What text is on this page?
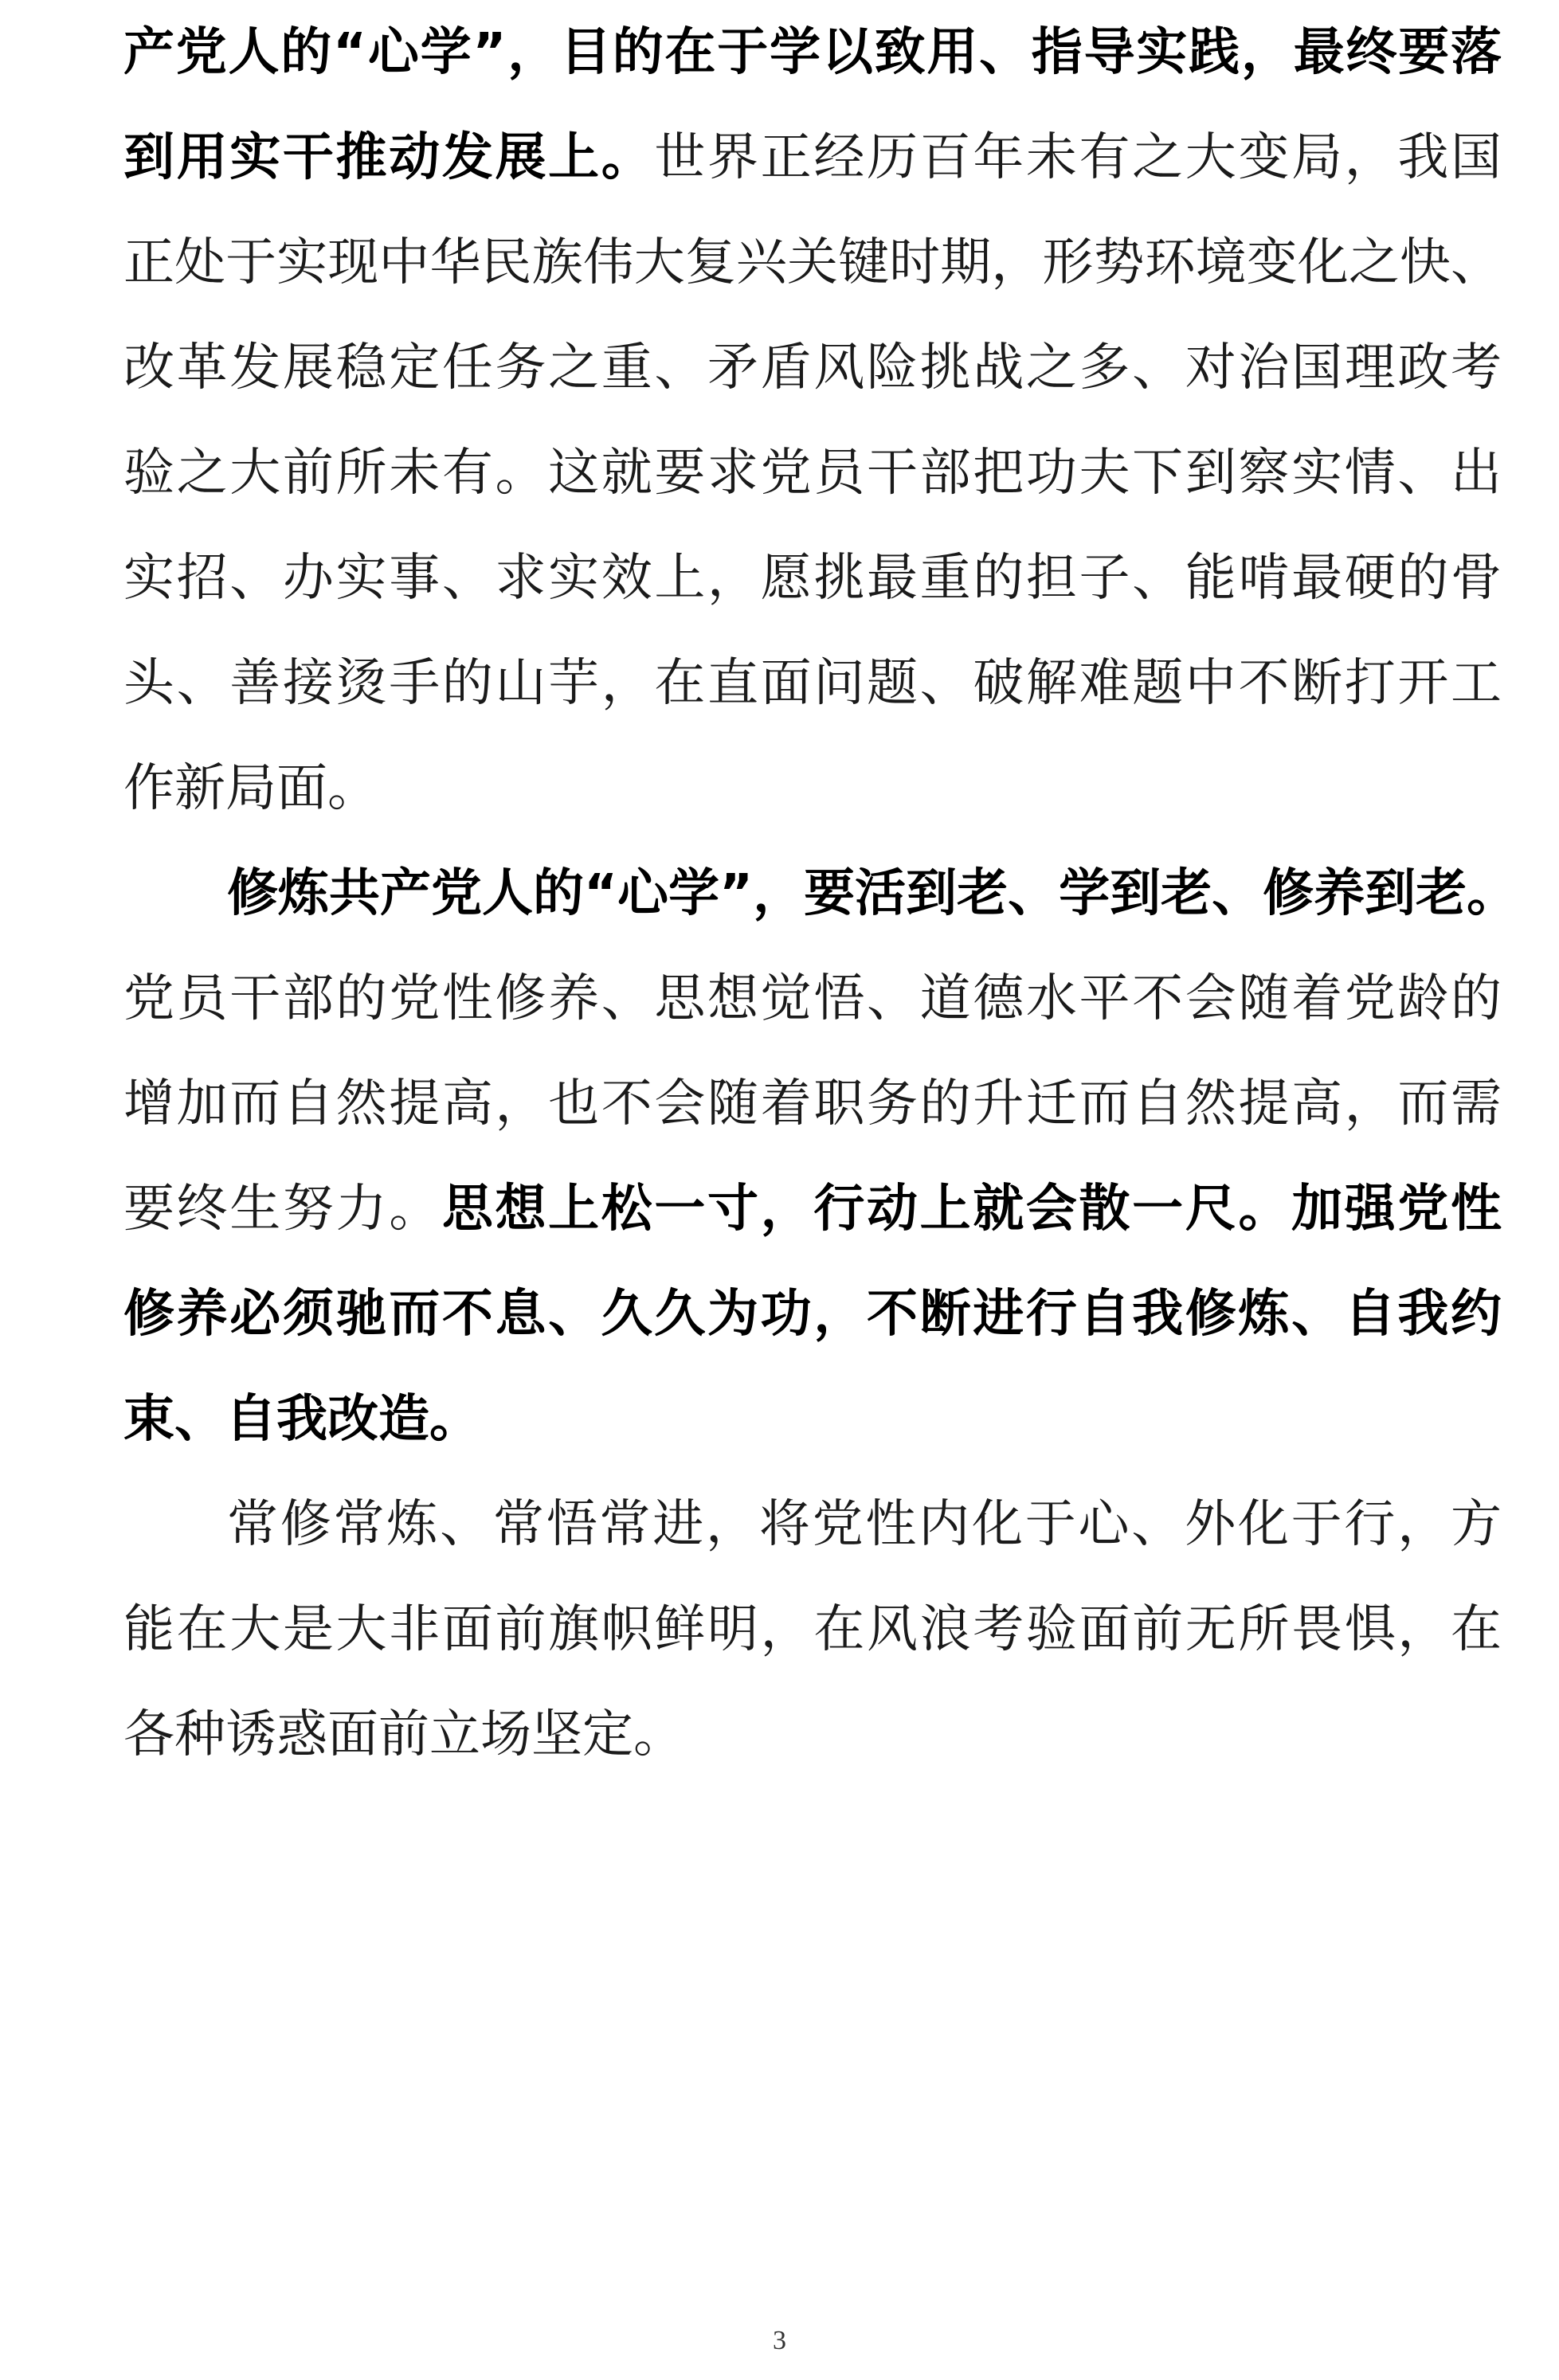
产党人的“心学”，目的在于学以致用、指导实践，最终要落
到用实干推动发展上。世界正经历百年未有之大变局，我国
正处于实现中华民族伟大复兴关键时期，形势环境变化之快、
改革发展稳定任务之重、矛盾风险挑战之多、对治国理政考
验之大前所未有。这就要求党员干部把功夫下到察实情、出
实招、办实事、求实效上，愿挑最重的担子、能啃最硬的骨
头、善接烫手的山芋，在直面问题、破解难题中不断打开工
作新局面。
修炼共产党人的“心学”，要活到老、学到老、修养到老。
党员干部的党性修养、思想觉悟、道德水平不会随着党龄的
增加而自然提高，也不会随着职务的升迁而自然提高，而需
要终生努力。思想上松一寸，行动上就会散一尺。加强党性
修养必须驰而不息、久久为功，不断进行自我修炼、自我约
束、自我改造。
常修常炼、常悟常进，将党性内化于心、外化于行，方
能在大是大非面前旗帜鲜明，在风浪考验面前无所畏惧，在
各种诱惑面前立场坚定。
3
